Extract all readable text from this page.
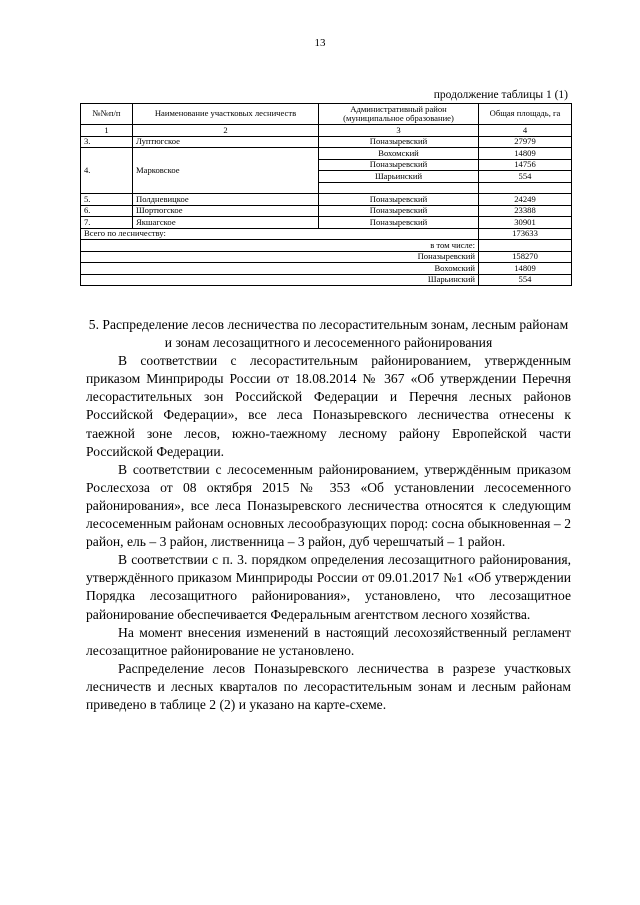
13
продолжение таблицы 1 (1)
№№п/п	Наименование участковых лесничеств	Административный район (муниципальное образование)	Общая площадь, га
1	2	3	4
3.	Луптюгское	Поназыревский	27979
4.	Марковское	Вохомский	14809
		Поназыревский	14756
		Шарьинский	554

5.	Полдневицкое	Поназыревский	24249
6.	Шортюгское	Поназыревский	23388
7.	Якшагское	Поназыревский	30901
Всего по лесничеству:			173633
в том числе:			
Поназыревский			158270
Вохомский			14809
Шарьинский			554
5. Распределение лесов лесничества по лесорастительным зонам, лесным районам и зонам лесозащитного и лесосеменного районирования

В соответствии с лесорастительным районированием, утвержденным приказом Минприроды России от 18.08.2014 № 367 «Об утверждении Перечня лесорастительных зон Российской Федерации и Перечня лесных районов Российской Федерации», все леса Поназыревского лесничества отнесены к таежной зоне лесов, южно-таежному лесному району Европейской части Российской Федерации.

В соответствии с лесосеменным районированием, утверждённым приказом Рослесхоза от 08 октября 2015 № 353 «Об установлении лесосеменного районирования», все леса Поназыревского лесничества относятся к следующим лесосеменным районам основных лесообразующих пород: сосна обыкновенная – 2 район, ель – 3 район, лиственница – 3 район, дуб черешчатый – 1 район.

В соответствии с п. 3. порядком определения лесозащитного районирования, утверждённого приказом Минприроды России от 09.01.2017 №1 «Об утверждении Порядка лесозащитного районирования», установлено, что лесозащитное районирование обеспечивается Федеральным агентством лесного хозяйства.

На момент внесения изменений в настоящий лесохозяйственный регламент лесозащитное районирование не установлено.

Распределение лесов Поназыревского лесничества в разрезе участковых лесничеств и лесных кварталов по лесорастительным зонам и лесным районам приведено в таблице 2 (2) и указано на карте-схеме.
